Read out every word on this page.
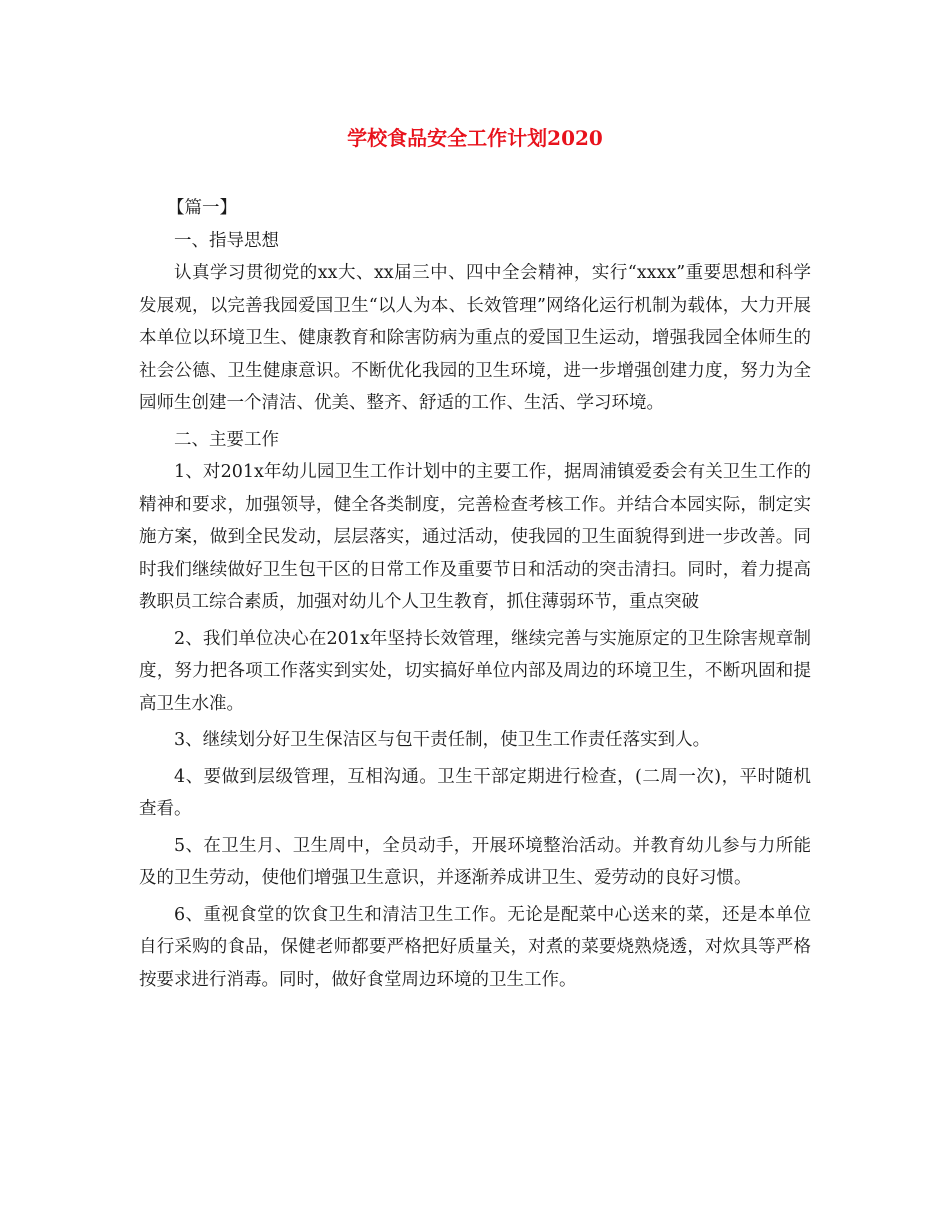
学校食品安全工作计划2020

【篇一】

一、指导思想

认真学习贯彻党的xx大、xx届三中、四中全会精神，实行“xxxx”重要思想和科学发展观，以完善我园爱国卫生“以人为本、长效管理”网络化运行机制为载体，大力开展本单位以环境卫生、健康教育和除害防病为重点的爱国卫生运动，增强我园全体师生的社会公德、卫生健康意识。不断优化我园的卫生环境，进一步增强创建力度，努力为全园师生创建一个清洁、优美、整齐、舒适的工作、生活、学习环境。

二、主要工作

1、对201x年幼儿园卫生工作计划中的主要工作，据周浦镇爱委会有关卫生工作的精神和要求，加强领导，健全各类制度，完善检查考核工作。并结合本园实际，制定实施方案，做到全民发动，层层落实，通过活动，使我园的卫生面貌得到进一步改善。同时我们继续做好卫生包干区的日常工作及重要节日和活动的突击清扫。同时，着力提高教职员工综合素质，加强对幼儿个人卫生教育，抓住薄弱环节，重点突破

2、我们单位决心在201x年坚持长效管理，继续完善与实施原定的卫生除害规章制度，努力把各项工作落实到实处，切实搞好单位内部及周边的环境卫生，不断巩固和提高卫生水准。

3、继续划分好卫生保洁区与包干责任制，使卫生工作责任落实到人。

4、要做到层级管理，互相沟通。卫生干部定期进行检查，(二周一次)，平时随机查看。

5、在卫生月、卫生周中，全员动手，开展环境整治活动。并教育幼儿参与力所能及的卫生劳动，使他们增强卫生意识，并逐渐养成讲卫生、爱劳动的良好习惯。

6、重视食堂的饮食卫生和清洁卫生工作。无论是配菜中心送来的菜，还是本单位自行采购的食品，保健老师都要严格把好质量关，对煮的菜要烧熟烧透，对炊具等严格按要求进行消毒。同时，做好食堂周边环境的卫生工作。
